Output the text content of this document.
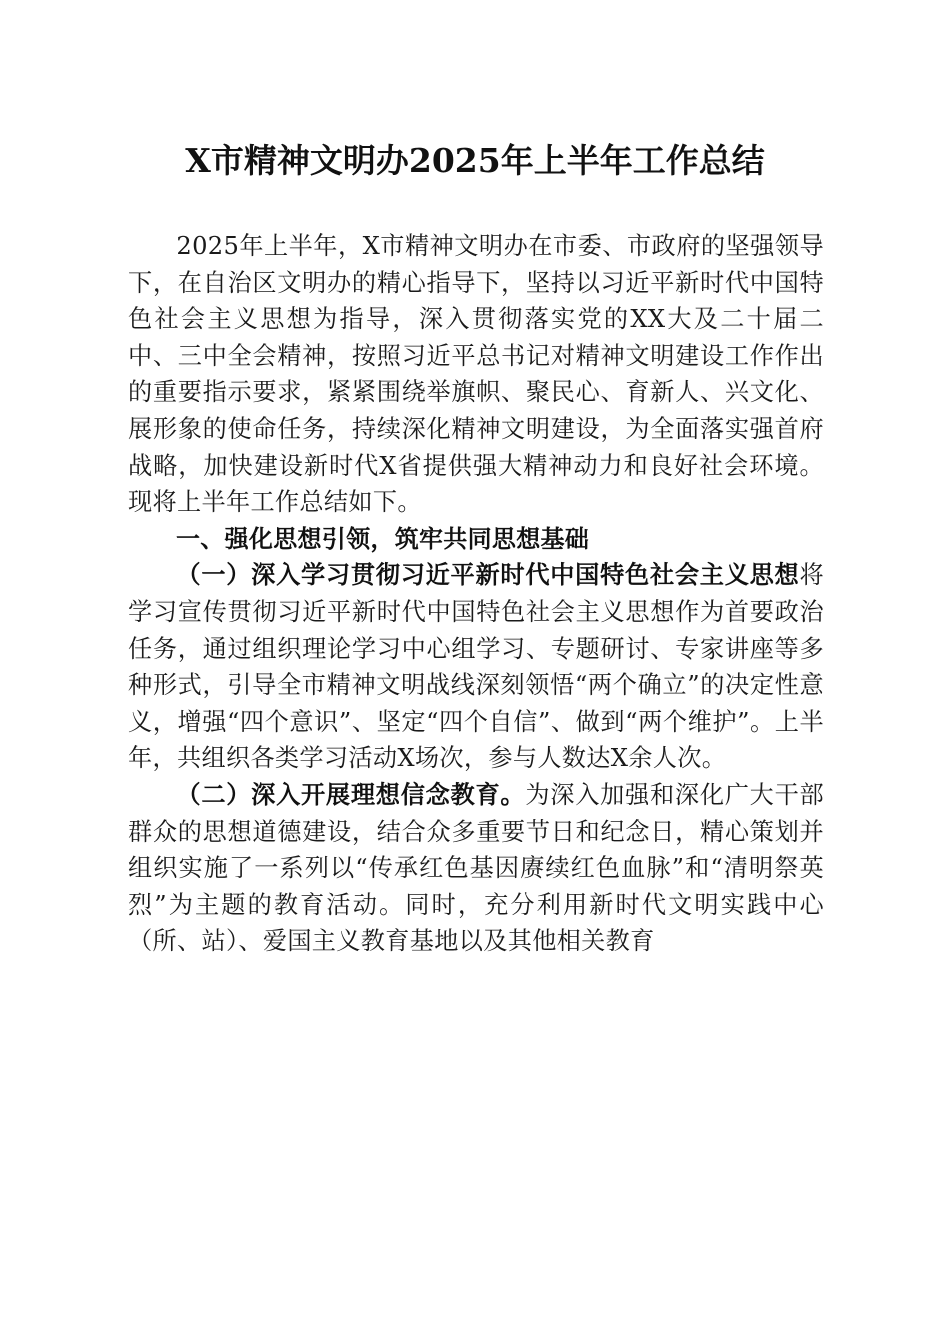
X市精神文明办2025年上半年工作总结

2025年上半年，X市精神文明办在市委、市政府的坚强领导下，在自治区文明办的精心指导下，坚持以习近平新时代中国特色社会主义思想为指导，深入贯彻落实党的XX大及二十届二中、三中全会精神，按照习近平总书记对精神文明建设工作作出的重要指示要求，紧紧围绕举旗帜、聚民心、育新人、兴文化、展形象的使命任务，持续深化精神文明建设，为全面落实强首府战略，加快建设新时代X省提供强大精神动力和良好社会环境。现将上半年工作总结如下。

一、强化思想引领，筑牢共同思想基础

（一）深入学习贯彻习近平新时代中国特色社会主义思想将学习宣传贯彻习近平新时代中国特色社会主义思想作为首要政治任务，通过组织理论学习中心组学习、专题研讨、专家讲座等多种形式，引导全市精神文明战线深刻领悟“两个确立”的决定性意义，增强“四个意识”、坚定“四个自信”、做到“两个维护”。上半年，共组织各类学习活动X场次，参与人数达X余人次。

（二）深入开展理想信念教育。为深入加强和深化广大干部群众的思想道德建设，结合众多重要节日和纪念日，精心策划并组织实施了一系列以“传承红色基因赓续红色血脉”和“清明祭英烈”为主题的教育活动。同时，充分利用新时代文明实践中心（所、站）、爱国主义教育基地以及其他相关教育
